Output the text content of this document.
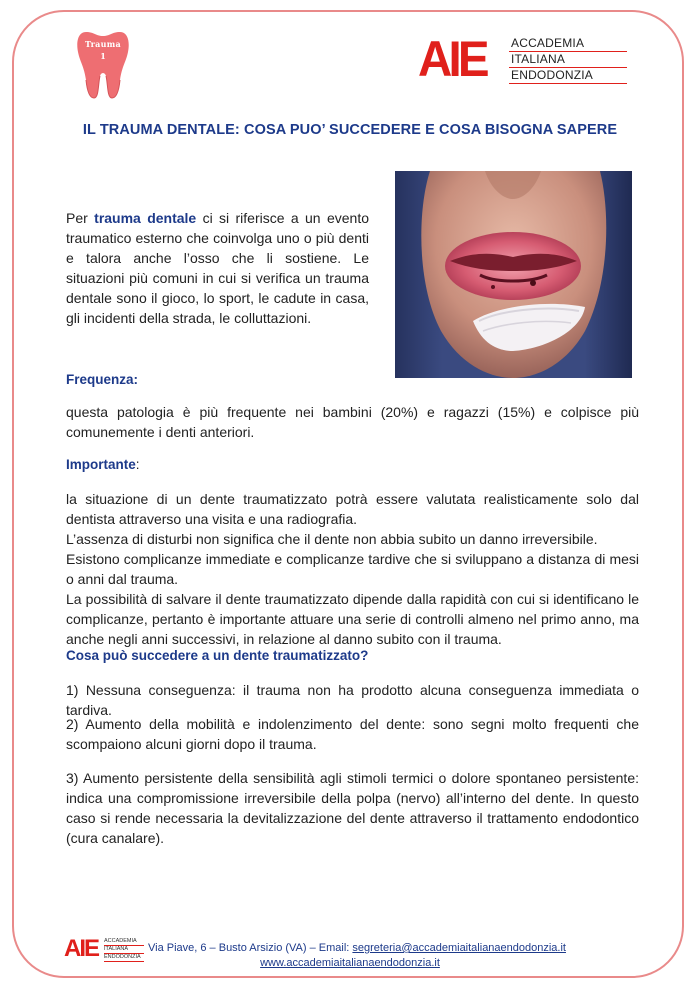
Trauma
1	AIE ACCADEMIA
ITALIANA
ENDODONZIA
IL TRAUMA DENTALE: COSA PUO’ SUCCEDERE E COSA BISOGNA SAPERE
Per trauma dentale ci si riferisce a un evento traumatico esterno che coinvolga uno o più denti e talora anche l’osso che li sostiene. Le situazioni più comuni in cui si verifica un trauma dentale sono il gioco, lo sport, le cadute in casa, gli incidenti della strada, le colluttazioni.
Frequenza:
questa patologia è più frequente nei bambini (20%) e ragazzi (15%) e colpisce più comunemente i denti anteriori.
Importante:

la situazione di un dente traumatizzato potrà essere valutata realisticamente solo dal dentista attraverso una visita e una radiografia.

L’assenza di disturbi non significa che il dente non abbia subito un danno irreversibile.

Esistono complicanze immediate e complicanze tardive che si sviluppano a distanza di mesi o anni dal trauma.

La possibilità di salvare il dente traumatizzato dipende dalla rapidità con cui si identificano le complicanze, pertanto è importante attuare una serie di controlli almeno nel primo anno, ma anche negli anni successivi, in relazione al danno subito con il trauma.

Cosa può succedere a un dente traumatizzato?
1) Nessuna conseguenza: il trauma non ha prodotto alcuna conseguenza immediata o tardiva.
2) Aumento della mobilità e indolenzimento del dente: sono segni molto frequenti che scompaiono alcuni giorni dopo il trauma.
3) Aumento persistente della sensibilità agli stimoli termici o dolore spontaneo persistente: indica una compromissione irreversibile della polpa (nervo) all’interno del dente. In questo caso si rende necessaria la devitalizzazione del dente attraverso il trattamento endodontico (cura canalare).
AIE ACCADEMIA
ITALIANA
ENDODONZIA
Via Piave, 6 – Busto Arsizio (VA) – Email: segreteria@accademiaitalianaendodonzia.it
www.accademiaitalianaendodonzia.it
